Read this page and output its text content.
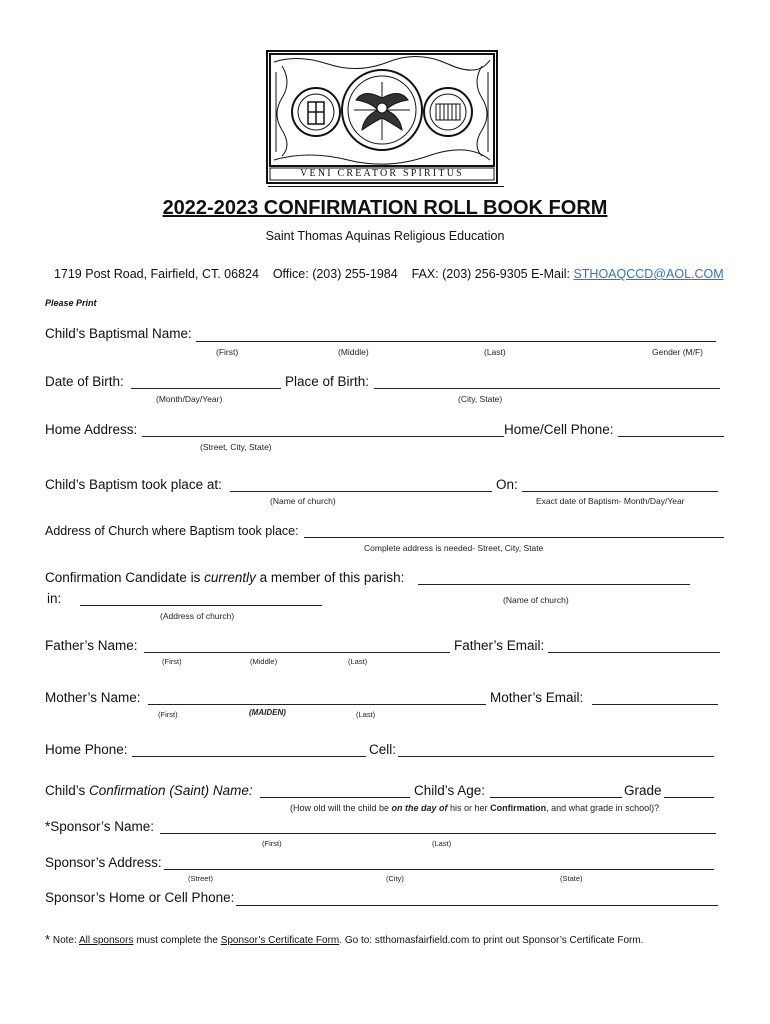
VENI CREATOR SPIRITUS
2022-2023 CONFIRMATION ROLL BOOK FORM
Saint Thomas Aquinas Religious Education

1719 Post Road, Fairfield, CT. 06824    Office: (203) 255-1984    FAX: (203) 256-9305 E-Mail: STHOAQCCD@AOL.COM

Please Print
Child’s Baptismal Name:
(First)	(Middle)	(Last)	Gender (M/F)
Date of Birth:
(Month/Day/Year)
Place of Birth:
(City, State)
Home Address:
(Street, City, State)
Home/Cell Phone:
Child’s Baptism took place at:
(Name of church)
On:
Exact date of Baptism- Month/Day/Year
Address of Church where Baptism took place:
Complete address is needed- Street, City, State
Confirmation Candidate is currently a member of this parish:
(Name of church)
in:
(Address of church)
Father’s Name:
(First)	(Middle)	(Last)
Father’s Email:
Mother’s Name:
(First)	(MAIDEN)	(Last)
Mother’s Email:
Home Phone:	Cell:
Child’s Confirmation (Saint) Name:	Child’s Age:	Grade
(How old will the child be on the day of his or her Confirmation, and what grade in school)?
*Sponsor’s Name:
(First)	(Last)
Sponsor’s Address:
(Street)	(City)	(State)
Sponsor’s Home or Cell Phone:
* Note: All sponsors must complete the Sponsor’s Certificate Form. Go to: stthomasfairfield.com to print out Sponsor’s Certificate Form.
